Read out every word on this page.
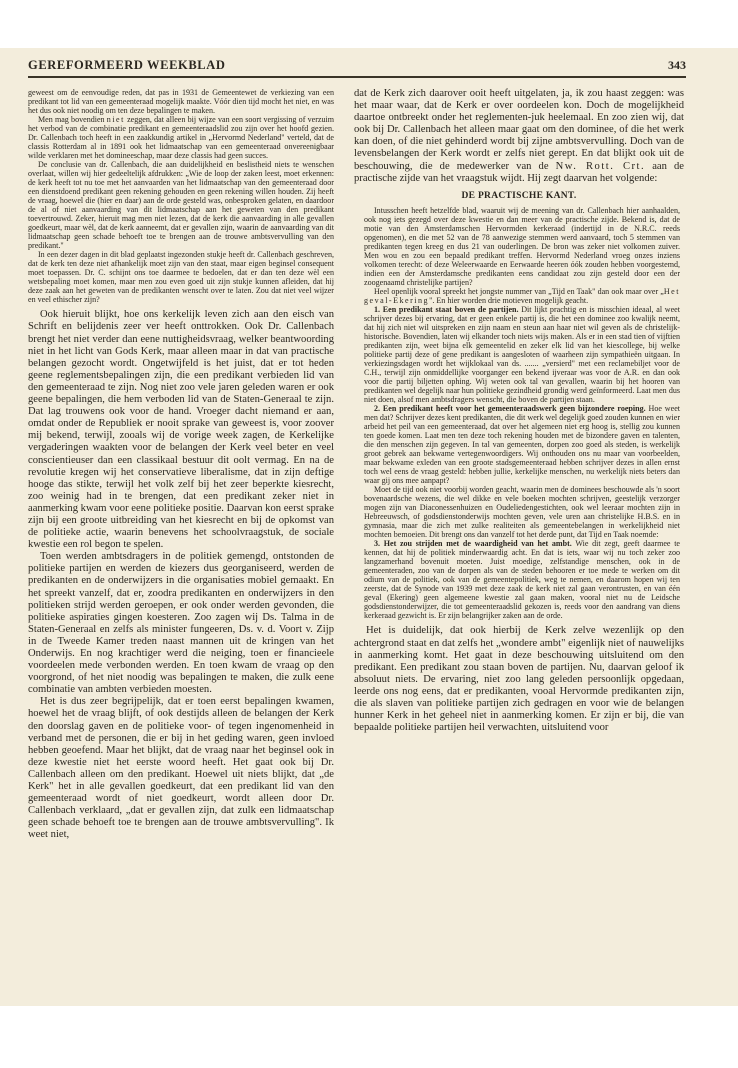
GEREFORMEERD WEEKBLAD	343

geweest om de eenvoudige reden, dat pas in 1931 de Gemeentewet de verkiezing van een predikant tot lid van een gemeenteraad mogelijk maakte. Vóór dien tijd mocht het niet, en was het dus ook niet noodig om ten deze bepalingen te maken.

Men mag bovendien niet zeggen, dat alleen bij wijze van een soort vergissing of verzuim het verbod van de combinatie predikant en gemeenteraadslid zou zijn over het hoofd gezien. Dr. Callenbach toch heeft in een zaakkundig artikel in „Hervormd Nederland" verteld, dat de classis Rotterdam al in 1891 ook het lidmaatschap van een gemeenteraad onvereenigbaar wilde verklaren met het domineeschap, maar deze classis had geen succes.

De conclusie van dr. Callenbach, die aan duidelijkheid en beslistheid niets te wenschen overlaat, willen wij hier gedeeltelijk afdrukken: „Wie de loop der zaken leest, moet erkennen: de kerk heeft tot nu toe met het aanvaarden van het lidmaatschap van den gemeenteraad door een dienstdoend predikant geen rekening gehouden en geen rekening willen houden. Zij heeft de vraag, hoewel die (hier en daar) aan de orde gesteld was, onbesproken gelaten, en daardoor de al of niet aanvaarding van dit lidmaatschap aan het geweten van den predikant toevertrouwd. Zeker, hieruit mag men niet lezen, dat de kerk die aanvaarding in alle gevallen goedkeurt, maar wèl, dat de kerk aanneemt, dat er gevallen zijn, waarin de aanvaarding van dit lidmaatschap geen schade behoeft toe te brengen aan de trouwe ambtsvervulling van den predikant."

In een dezer dagen in dit blad geplaatst ingezonden stukje heeft dr. Callenbach geschreven, dat de kerk ten deze niet afhankelijk moet zijn van den staat, maar eigen beginsel consequent moet toepassen. Dr. C. schijnt ons toe daarmee te bedoelen, dat er dan ten deze wèl een wetsbepaling moet komen, maar men zou even goed uit zijn stukje kunnen afleiden, dat hij deze zaak aan het geweten van de predikanten wenscht over te laten. Zou dat niet veel wijzer en veel ethischer zijn?

Ook hieruit blijkt, hoe ons kerkelijk leven zich aan den eisch van Schrift en belijdenis zeer ver heeft onttrokken. Ook Dr. Callenbach brengt het niet verder dan eene nuttigheidsvraag, welker beantwoording niet in het licht van Gods Kerk, maar alleen maar in dat van practische belangen gezocht wordt. Ongetwijfeld is het juist, dat er tot heden geene reglementsbepalingen zijn, die een predikant verbieden lid van den gemeenteraad te zijn. Nog niet zoo vele jaren geleden waren er ook geene bepalingen, die hem verboden lid van de Staten-Generaal te zijn. Dat lag trouwens ook voor de hand. Vroeger dacht niemand er aan, omdat onder de Republiek er nooit sprake van geweest is, voor zoover mij bekend, terwijl, zooals wij de vorige week zagen, de Kerkelijke vergaderingen waakten voor de belangen der Kerk veel beter en veel conscientieuser dan een classikaal bestuur dit oolt vermag. En na de revolutie kregen wij het conservatieve liberalisme, dat in zijn deftige hooge das stikte, terwijl het volk zelf bij het zeer beperkte kiesrecht, zoo weinig had in te brengen, dat een predikant zeker niet in aanmerking kwam voor eene politieke positie. Daarvan kon eerst sprake zijn bij een groote uitbreiding van het kiesrecht en bij de opkomst van de politieke actie, waarin benevens het schoolvraagstuk, de sociale kwestie een rol begon te spelen.

Toen werden ambtsdragers in de politiek gemengd, ontstonden de politieke partijen en werden de kiezers dus georganiseerd, werden de predikanten en de onderwijzers in die organisaties mobiel gemaakt. En het spreekt vanzelf, dat er, zoodra predikanten en onderwijzers in den politieken strijd werden geroepen, er ook onder werden gevonden, die politieke aspiraties gingen koesteren. Zoo zagen wij Ds. Talma in de Staten-Generaal en zelfs als minister fungeeren, Ds. v. d. Voort v. Zijp in de Tweede Kamer treden naast mannen uit de kringen van het Onderwijs. En nog krachtiger werd die neiging, toen er financieele voordeelen mede verbonden werden. En toen kwam de vraag op den voorgrond, of het niet noodig was bepalingen te maken, die zulk eene combinatie van ambten verbieden moesten.

Het is dus zeer begrijpelijk, dat er toen eerst bepalingen kwamen, hoewel het de vraag blijft, of ook destijds alleen de belangen der Kerk den doorslag gaven en de politieke voor- of tegen ingenomenheid in verband met de personen, die er bij in het geding waren, geen invloed hebben geoefend. Maar het blijkt, dat de vraag naar het beginsel ook in deze kwestie niet het eerste woord heeft. Het gaat ook bij Dr. Callenbach alleen om den predikant. Hoewel uit niets blijkt, dat „de Kerk" het in alle gevallen goedkeurt, dat een predikant lid van den gemeenteraad wordt of niet goedkeurt, wordt alleen door Dr. Callenbach verklaard, „dat er gevallen zijn, dat zulk een lidmaatschap geen schade behoeft toe te brengen aan de trouwe ambtsvervulling". Ik weet niet,

dat de Kerk zich daarover ooit heeft uitgelaten, ja, ik zou haast zeggen: was het maar waar, dat de Kerk er over oordeelen kon. Doch de mogelijkheid daartoe ontbreekt onder het reglementen-juk heelemaal. En zoo zien wij, dat ook bij Dr. Callenbach het alleen maar gaat om den dominee, of die het werk kan doen, of die niet gehinderd wordt bij zijne ambtsvervulling. Doch van de levensbelangen der Kerk wordt er zelfs niet gerept. En dat blijkt ook uit de beschouwing, die de medewerker van de Nw. Rott. Crt. aan de practische zijde van het vraagstuk wijdt. Hij zegt daarvan het volgende:

DE PRACTISCHE KANT.

Intusschen heeft hetzelfde blad, waaruit wij de meening van dr. Callenbach hier aanhaalden, ook nog iets gezegd over deze kwestie en dan meer van de practische zijde. Bekend is, dat de motie van den Amsterdamschen Hervormden kerkeraad (indertijd in de N.R.C. reeds opgenomen), en die met 52 van de 78 aanwezige stemmen werd aanvaard, toch 5 stemmen van predikanten tegen kreeg en dus 21 van ouderlingen. De bron was zeker niet volkomen zuiver. Men wou en zou een bepaald predikant treffen. Hervormd Nederland vroeg onzes inziens volkomen terecht: of deze Weleerwaarde en Eerwaarde heeren óók zouden hebben voorgestemd, indien een der Amsterdamsche predikanten eens candidaat zou zijn gesteld door een der zoogenaamd christelijke partijen?

Heel openlijk vooral spreekt het jongste nummer van „Tijd en Taak" dan ook maar over „Het geval-Ekering". En hier worden drie motieven mogelijk geacht.

1. Een predikant staat boven de partijen. Dit lijkt prachtig en is misschien ideaal, al weet schrijver dezes bij ervaring, dat er geen enkele partij is, die het een dominee zoo kwalijk neemt, dat hij zich niet wil uitspreken en zijn naam en steun aan haar niet wil geven als de christelijk-historische. Bovendien, laten wij elkander toch niets wijs maken. Als er in een stad tien of vijftien predikanten zijn, weet bijna elk gemeentelid en zeker elk lid van het kiescollege, bij welke politieke partij deze of gene predikant is aangesloten of waarheen zijn sympathieën uitgaan. In verkiezingsdagen wordt het wijklokaal van ds. ....... „versierd" met een reclamebiljet voor de C.H., terwijl zijn onmiddellijke voorganger een bekend ijveraar was voor de A.R. en dan ook voor die partij biljetten ophing. Wij weten ook tal van gevallen, waarin bij het hooren van predikanten wel degelijk naar hun politieke gezindheid grondig werd geïnformeerd. Laat men dus niet doen, alsof men ambtsdragers wenscht, die boven de partijen staan.

2. Een predikant heeft voor het gemeenteraadswerk geen bijzondere roeping. Hoe weet men dat? Schrijver dezes kent predikanten, die dit werk wel degelijk goed zouden kunnen en wier arbeid het peil van een gemeenteraad, dat over het algemeen niet erg hoog is, stellig zou kunnen ten goede komen. Laat men ten deze toch rekening houden met de bizondere gaven en talenten, die den menschen zijn gegeven. In tal van gemeenten, dorpen zoo goed als steden, is werkelijk groot gebrek aan bekwame vertegenwoordigers. Wij onthouden ons nu maar van voorbeelden, maar bekwame exleden van een groote stadsgemeenteraad hebben schrijver dezes in allen ernst toch wel eens de vraag gesteld: hebben jullie, kerkelijke menschen, nu werkelijk niets beters dan waar gij ons mee aanpapt?

Moet de tijd ook niet voorbij worden geacht, waarin men de dominees beschouwde als 'n soort bovenaardsche wezens, die wel dikke en vele boeken mochten schrijven, geestelijk verzorger mogen zijn van Diaconessenhuizen en Oudeliedengestichten, ook wel leeraar mochten zijn in Hebreeuwsch, of godsdienstonderwijs mochten geven, vele uren aan christelijke H.B.S. en in gymnasia, maar die zich met zulke realiteiten als gemeentebelangen in werkelijkheid niet mochten bemoeien. Dit brengt ons dan vanzelf tot het derde punt, dat Tijd en Taak noemde:

3. Het zou strijden met de waardigheid van het ambt. Wie dit zegt, geeft daarmee te kennen, dat hij de politiek minderwaardig acht. En dat is iets, waar wij nu toch zeker zoo langzamerhand bovenuit moeten. Juist moedige, zelfstandige menschen, ook in de gemeenteraden, zoo van de dorpen als van de steden behooren er toe mede te werken om dit odium van de politiek, ook van de gemeentepolitiek, weg te nemen, en daarom hopen wij ten zeerste, dat de Synode van 1939 met deze zaak de kerk niet zal gaan verontrusten, en van één geval (Ekering) geen algemeene kwestie zal gaan maken, vooral niet nu de Leidsche godsdienstonderwijzer, die tot gemeenteraadslid gekozen is, reeds voor den aandrang van diens kerkeraad gezwicht is. Er zijn belangrijker zaken aan de orde.

Het is duidelijk, dat ook hierbij de Kerk zelve wezenlijk op den achtergrond staat en dat zelfs het „wondere ambt" eigenlijk niet of nauwelijks in aanmerking komt. Het gaat in deze beschouwing uitsluitend om den predikant. Een predikant zou staan boven de partijen. Nu, daarvan geloof ik absoluut niets. De ervaring, niet zoo lang geleden persoonlijk opgedaan, leerde ons nog eens, dat er predikanten, vooal Hervormde predikanten zijn, die als slaven van politieke partijen zich gedragen en voor wie de belangen hunner Kerk in het geheel niet in aanmerking komen. Er zijn er bij, die van bepaalde politieke partijen heil verwachten, uitsluitend voor
